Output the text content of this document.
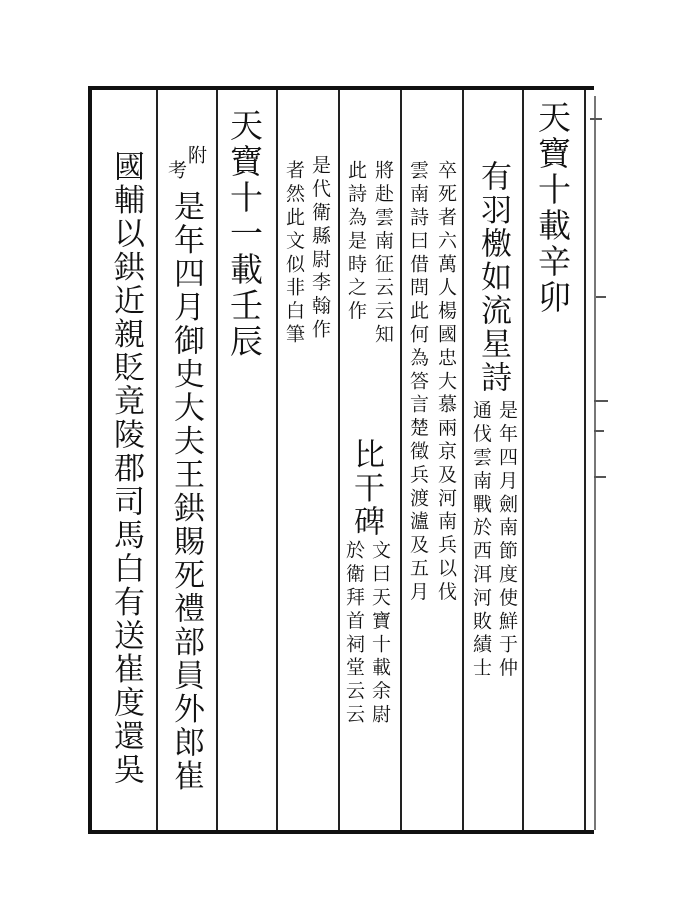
天寶十載辛卯
有羽檄如流星詩
是年四月劍南節度使鮮于仲
通伐雲南戰於西洱河敗績士
卒死者六萬人楊國忠大慕兩京及河南兵以伐
雲南詩曰借問此何為答言楚徵兵渡瀘及五月
將赴雲南征云云知
比干碑
文曰天寶十載余尉
於衛拜首祠堂云云
此詩為是時之作
是代衛縣尉李翰作
者然此文似非白筆
天寶十一載壬辰
附
考
是年四月御史大夫王鉷賜死禮部員外郎崔
國輔以鉷近親貶竟陵郡司馬白有送崔度還吳
